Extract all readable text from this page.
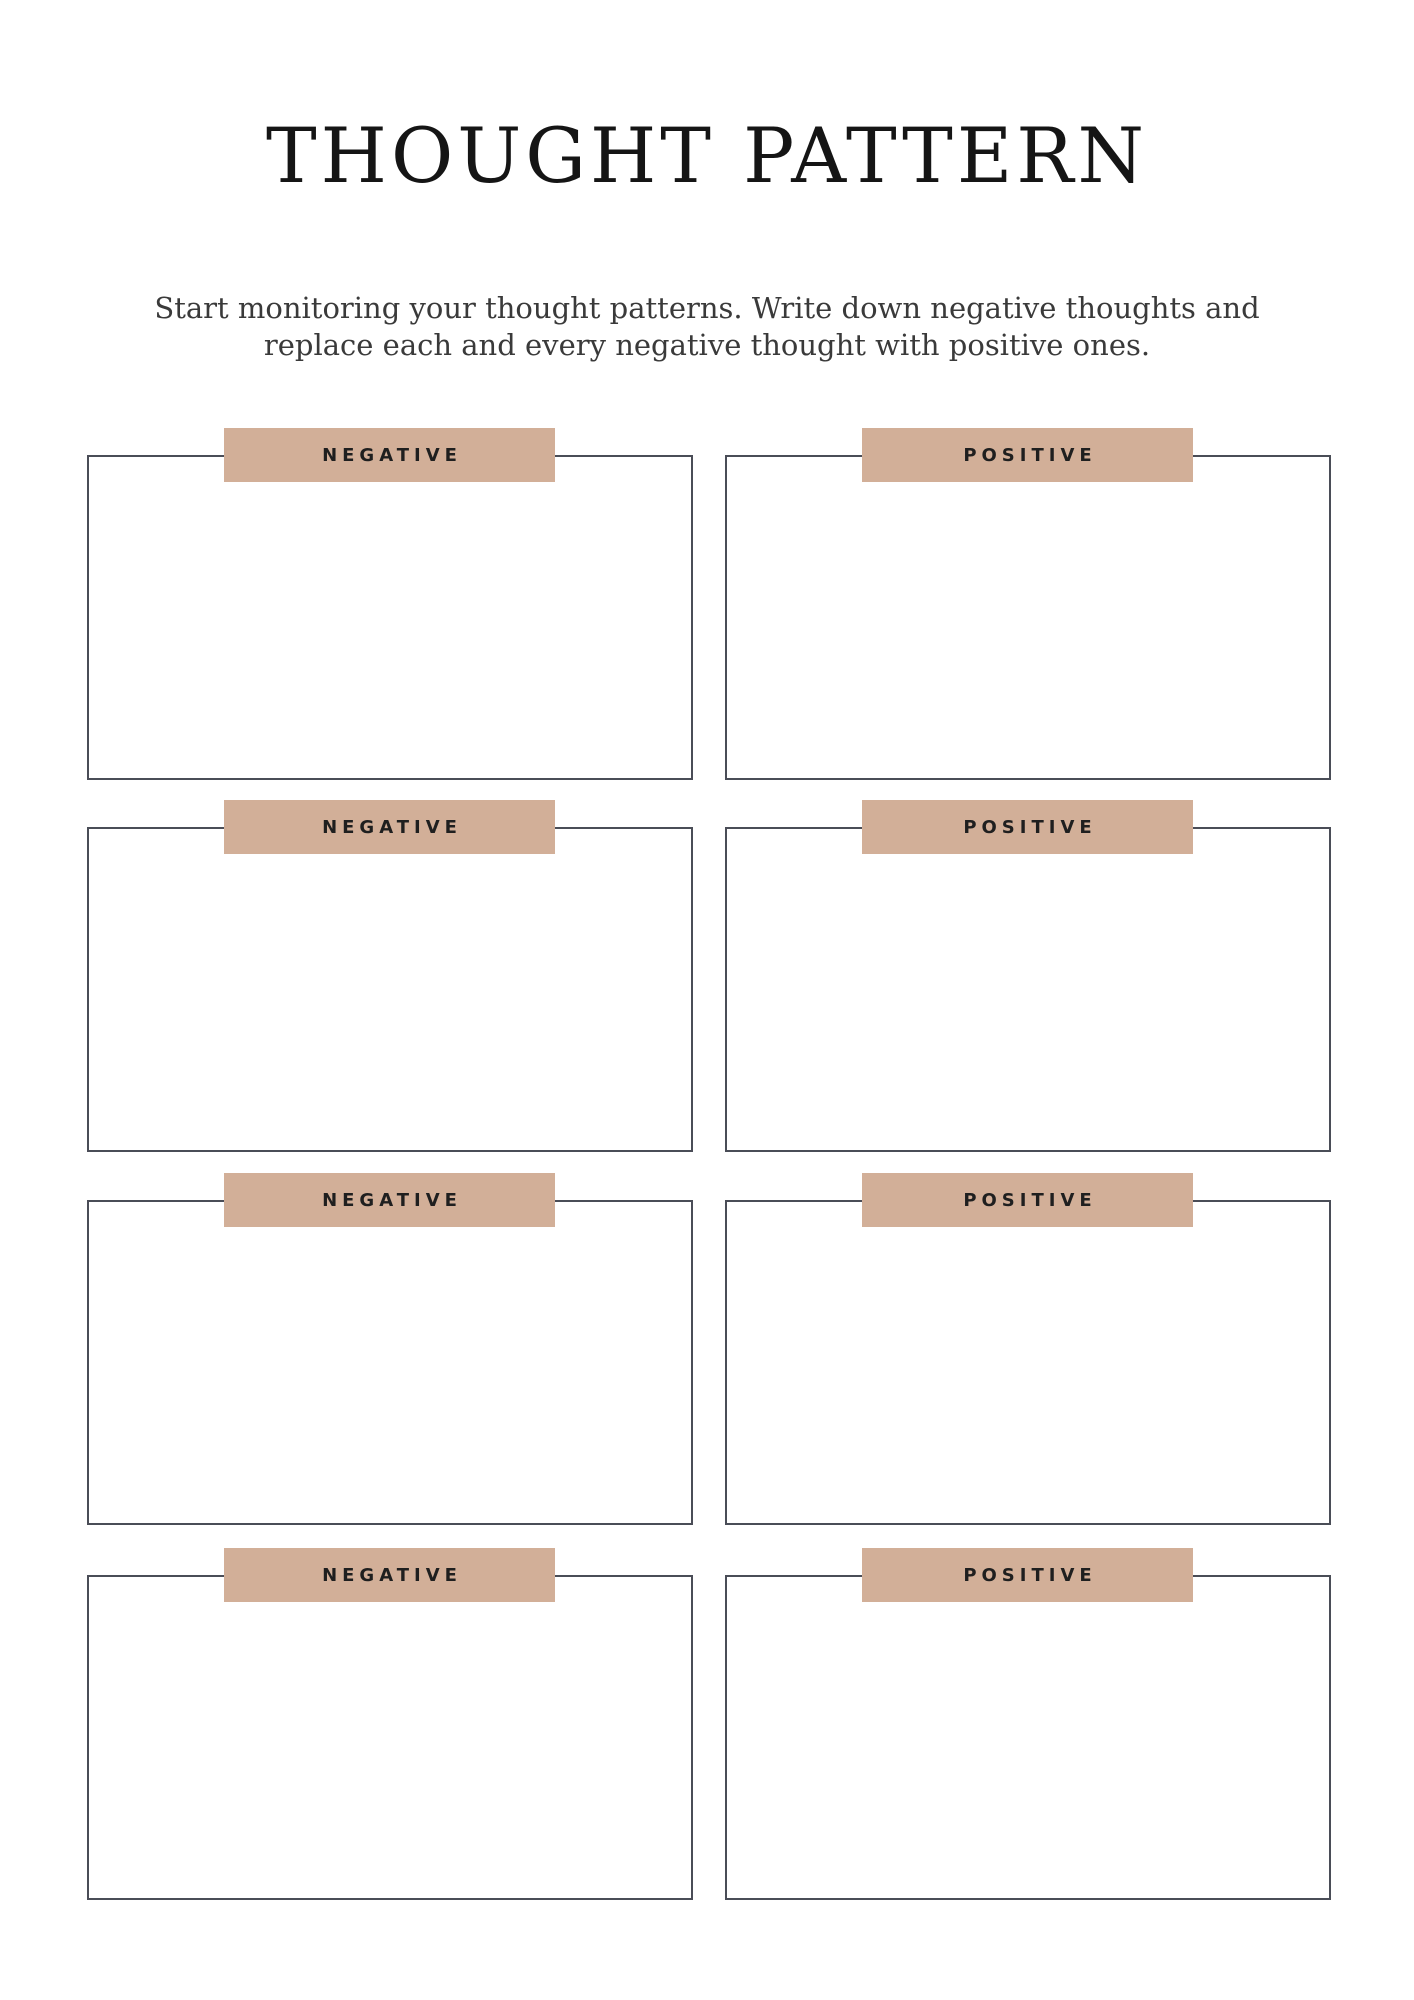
THOUGHT PATTERN

Start monitoring your thought patterns. Write down negative thoughts and replace each and every negative thought with positive ones.

NEGATIVE	POSITIVE
NEGATIVE	POSITIVE
NEGATIVE	POSITIVE
NEGATIVE	POSITIVE
